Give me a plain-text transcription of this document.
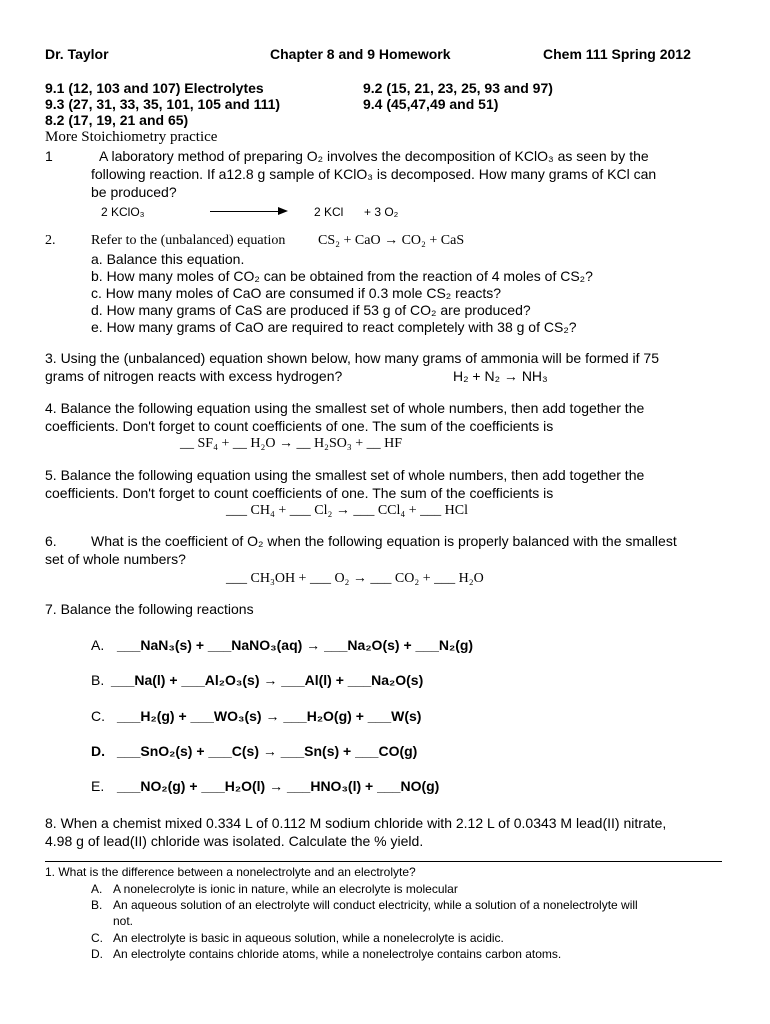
Dr. Taylor	Chapter 8 and 9 Homework	Chem 111 Spring 2012
9.1 (12, 103 and 107) Electrolytes	9.2 (15, 21, 23, 25, 93 and 97)
9.3 (27, 31, 33, 35, 101, 105 and 111)	9.4 (45,47,49 and 51)
8.2 (17, 19, 21 and 65)
More Stoichiometry practice
1	A laboratory method of preparing O₂ involves the decomposition of KClO₃ as seen by the
following reaction. If a12.8 g sample of KClO₃ is decomposed. How many grams of KCl can
be produced?
2 KClO₃	2 KCl + 3 O₂
2.	Refer to the (unbalanced) equation CS₂ + CaO → CO₂ + CaS
a. Balance this equation.
b. How many moles of CO₂ can be obtained from the reaction of 4 moles of CS₂?
c. How many moles of CaO are consumed if 0.3 mole CS₂ reacts?
d. How many grams of CaS are produced if 53 g of CO₂ are produced?
e. How many grams of CaO are required to react completely with 38 g of CS₂?
3. Using the (unbalanced) equation shown below, how many grams of ammonia will be formed if 75
grams of nitrogen reacts with excess hydrogen?	H₂ + N₂ → NH₃
4. Balance the following equation using the smallest set of whole numbers, then add together the
coefficients. Don't forget to count coefficients of one. The sum of the coefficients is
__ SF₄ + __ H₂O → __ H₂SO₃ + __ HF
5. Balance the following equation using the smallest set of whole numbers, then add together the
coefficients. Don't forget to count coefficients of one. The sum of the coefficients is
___ CH₄ + ___ Cl₂ → ___ CCl₄ + ___ HCl
6. What is the coefficient of O₂ when the following equation is properly balanced with the smallest
set of whole numbers?
___ CH₃OH + ___ O₂ → ___ CO₂ + ___ H₂O
7. Balance the following reactions
A. ___NaN₃(s) + ___NaNO₃(aq) → ___Na₂O(s) + ___N₂(g)
B. ___Na(l) + ___Al₂O₃(s) → ___Al(l) + ___Na₂O(s)
C. ___H₂(g) + ___WO₃(s) → ___H₂O(g) + ___W(s)
D. ___SnO₂(s) + ___C(s) → ___Sn(s) + ___CO(g)
E. ___NO₂(g) + ___H₂O(l) → ___HNO₃(l) + ___NO(g)
8. When a chemist mixed 0.334 L of 0.112 M sodium chloride with 2.12 L of 0.0343 M lead(II) nitrate,
4.98 g of lead(II) chloride was isolated. Calculate the % yield.
1. What is the difference between a nonelectrolyte and an electrolyte?
A. A nonelecrolyte is ionic in nature, while an elecrolyte is molecular
B. An aqueous solution of an electrolyte will conduct electricity, while a solution of a nonelectrolyte will
not.
C. An electrolyte is basic in aqueous solution, while a nonelecrolyte is acidic.
D. An electrolyte contains chloride atoms, while a nonelectrolye contains carbon atoms.
